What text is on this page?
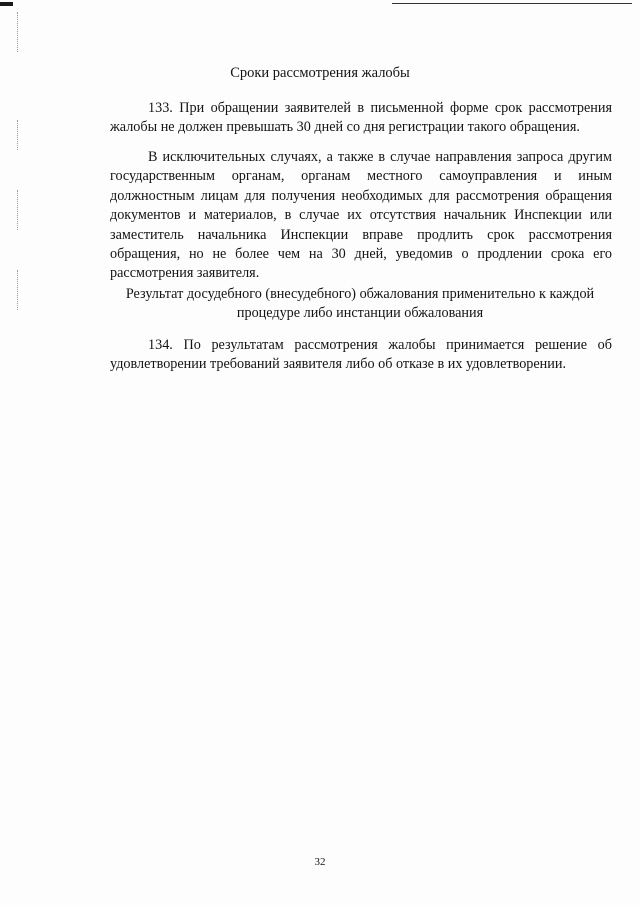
Сроки рассмотрения жалобы

133. При обращении заявителей в письменной форме срок рассмотрения жалобы не должен превышать 30 дней со дня регистрации такого обращения.

В исключительных случаях, а также в случае направления запроса другим государственным органам, органам местного самоуправления и иным должностным лицам для получения необходимых для рассмотрения обращения документов и материалов, в случае их отсутствия начальник Инспекции или заместитель начальника Инспекции вправе продлить срок рассмотрения обращения, но не более чем на 30 дней, уведомив о продлении срока его рассмотрения заявителя.

Результат досудебного (внесудебного) обжалования применительно к каждой процедуре либо инстанции обжалования

134. По результатам рассмотрения жалобы принимается решение об удовлетворении требований заявителя либо об отказе в их удовлетворении.

32
